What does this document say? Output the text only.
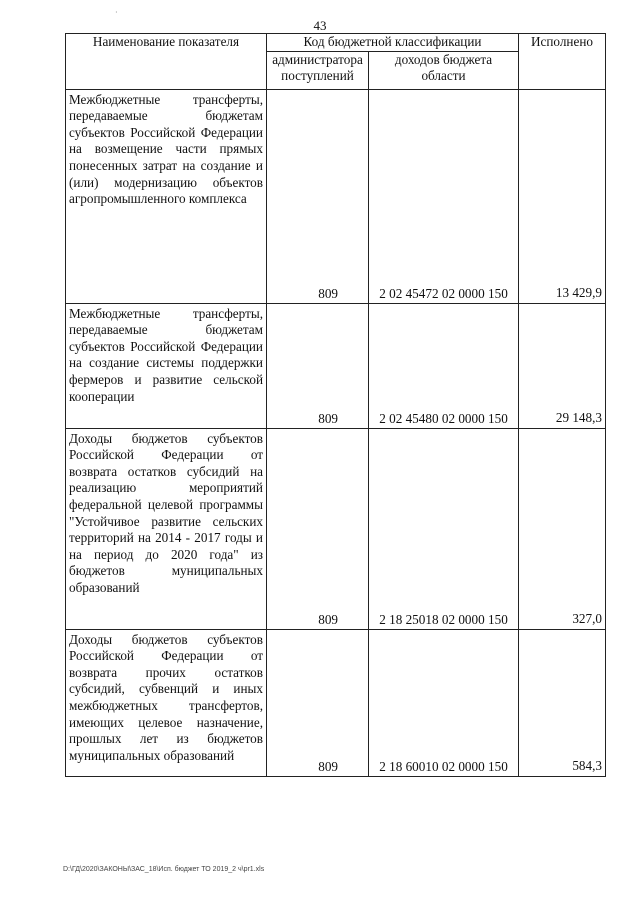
43
·
Наименование показателя	Код бюджетной классификации		Исполнено
	администратора поступлений	доходов бюджета области	
Межбюджетные трансферты, передаваемые бюджетам субъектов Российской Федерации на возмещение части прямых понесенных затрат на создание и (или) модернизацию объектов агропромышленного комплекса	809	2 02 45472 02 0000 150	13 429,9
Межбюджетные трансферты, передаваемые бюджетам субъектов Российской Федерации на создание системы поддержки фермеров и развитие сельской кооперации	809	2 02 45480 02 0000 150	29 148,3
Доходы бюджетов субъектов Российской Федерации от возврата остатков субсидий на реализацию мероприятий федеральной целевой программы "Устойчивое развитие сельских территорий на 2014 - 2017 годы и на период до 2020 года" из бюджетов муниципальных образований	809	2 18 25018 02 0000 150	327,0
Доходы бюджетов субъектов Российской Федерации от возврата прочих остатков субсидий, субвенций и иных межбюджетных трансфертов, имеющих целевое назначение, прошлых лет из бюджетов муниципальных образований	809	2 18 60010 02 0000 150	584,3
D:\ГД\2020\ЗАКОНЫ\ЗАС_18\Исп. бюджет ТО 2019_2 ч\pr1.xls
